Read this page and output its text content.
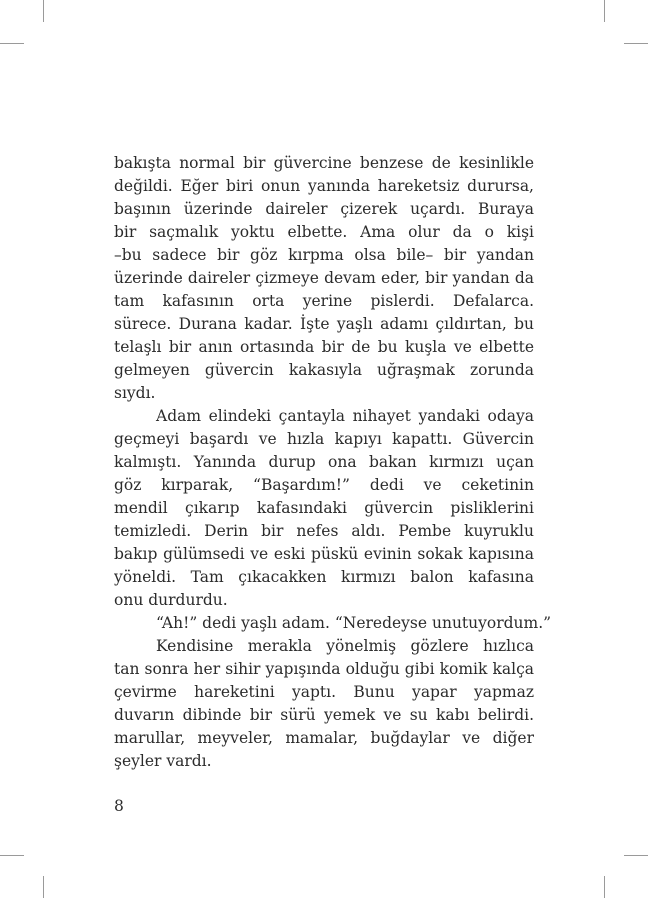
bakışta normal bir güvercine benzese de kesinlikle
değildi. Eğer biri onun yanında hareketsiz durursa,
başının üzerinde daireler çizerek uçardı. Buraya
bir saçmalık yoktu elbette. Ama olur da o kişi
–bu sadece bir göz kırpma olsa bile– bir yandan
üzerinde daireler çizmeye devam eder, bir yandan da
tam kafasının orta yerine pislerdi. Defalarca.
sürece. Durana kadar. İşte yaşlı adamı çıldırtan, bu
telaşlı bir anın ortasında bir de bu kuşla ve elbette
gelmeyen güvercin kakasıyla uğraşmak zorunda
sıydı.
Adam elindeki çantayla nihayet yandaki odaya
geçmeyi başardı ve hızla kapıyı kapattı. Güvercin
kalmıştı. Yanında durup ona bakan kırmızı uçan
göz kırparak, “Başardım!” dedi ve ceketinin
mendil çıkarıp kafasındaki güvercin pisliklerini
temizledi. Derin bir nefes aldı. Pembe kuyruklu
bakıp gülümsedi ve eski püskü evinin sokak kapısına
yöneldi. Tam çıkacakken kırmızı balon kafasına
onu durdurdu.
“Ah!” dedi yaşlı adam. “Neredeyse unutuyordum.”
Kendisine meraklа yönelmiş gözlere hızlıca
tan sonra her sihir yapışında olduğu gibi komik kalça
çevirme hareketini yaptı. Bunu yapar yapmaz
duvarın dibinde bir sürü yemek ve su kabı belirdi.
marullar, meyveler, mamalar, buğdaylar ve diğer
şeyler vardı.
8
